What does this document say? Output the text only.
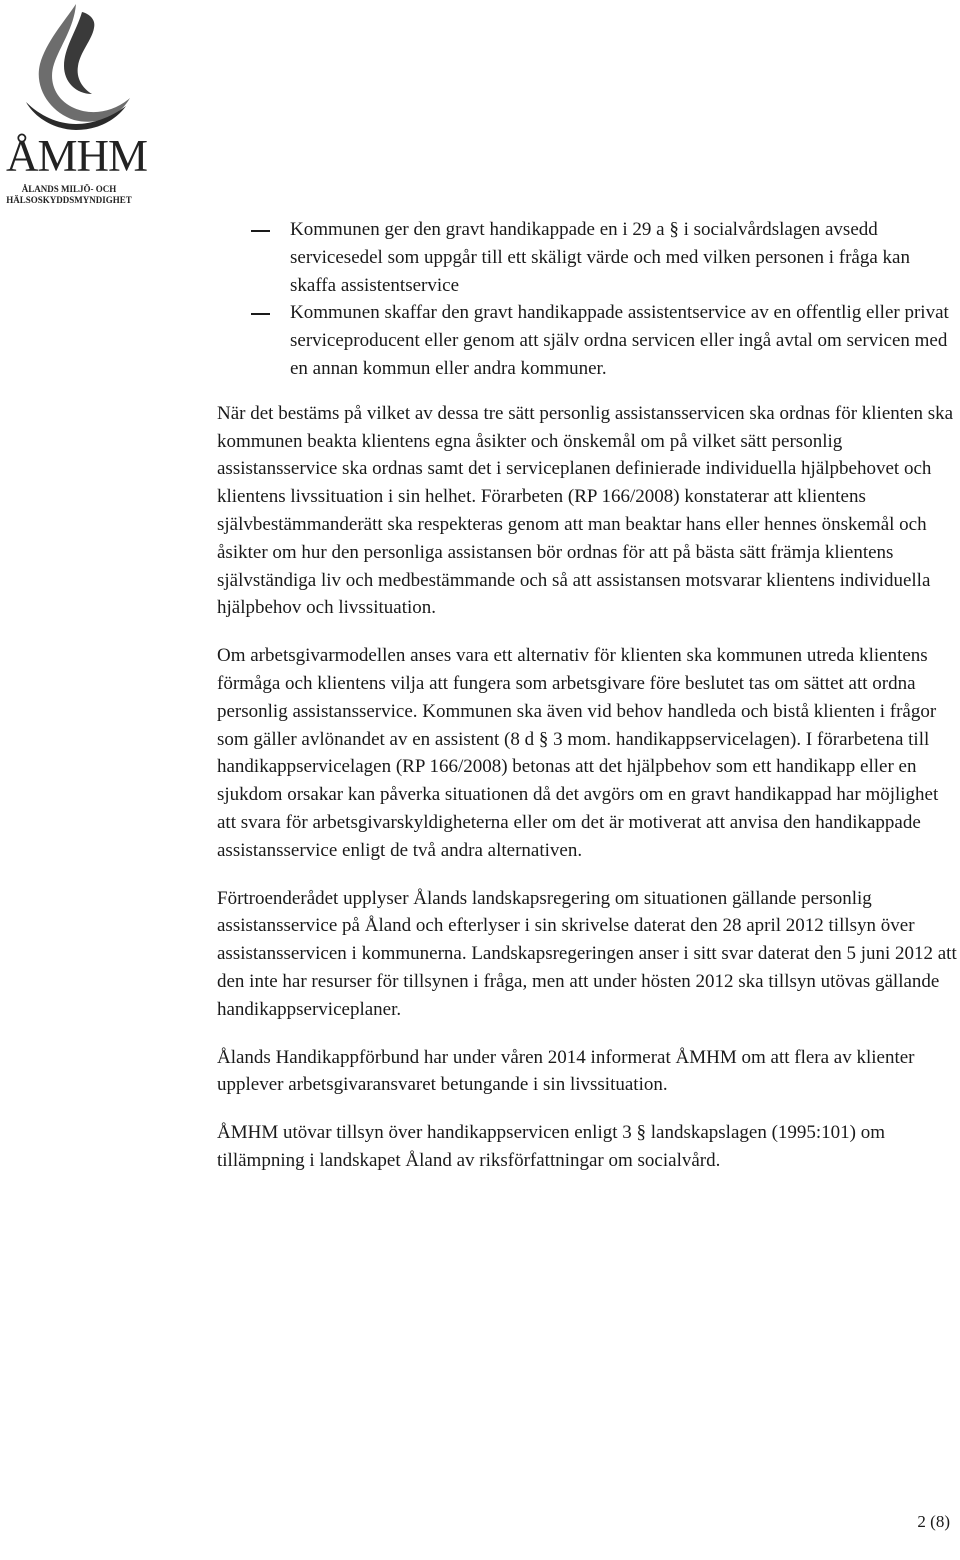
ÅMHM
ÅLANDS MILJÖ- OCH
HÄLSOSKYDDSMYNDIGHET
Kommunen ger den gravt handikappade en i 29 a § i socialvårdslagen avsedd servicesedel som uppgår till ett skäligt värde och med vilken personen i fråga kan skaffa assistentservice
Kommunen skaffar den gravt handikappade assistentservice av en offentlig eller privat serviceproducent eller genom att själv ordna servicen eller ingå avtal om servicen med en annan kommun eller andra kommuner.

När det bestäms på vilket av dessa tre sätt personlig assistansservicen ska ordnas för klienten ska kommunen beakta klientens egna åsikter och önskemål om på vilket sätt personlig assistansservice ska ordnas samt det i serviceplanen definierade individuella hjälpbehovet och klientens livssituation i sin helhet. Förarbeten (RP 166/2008) konstaterar att klientens självbestämmanderätt ska respekteras genom att man beaktar hans eller hennes önskemål och åsikter om hur den personliga assistansen bör ordnas för att på bästa sätt främja klientens självständiga liv och medbestämmande och så att assistansen motsvarar klientens individuella hjälpbehov och livssituation.

Om arbetsgivarmodellen anses vara ett alternativ för klienten ska kommunen utreda klientens förmåga och klientens vilja att fungera som arbetsgivare före beslutet tas om sättet att ordna personlig assistansservice. Kommunen ska även vid behov handleda och bistå klienten i frågor som gäller avlönandet av en assistent (8 d § 3 mom. handikappservicelagen). I förarbetena till handikappservicelagen (RP 166/2008) betonas att det hjälpbehov som ett handikapp eller en sjukdom orsakar kan påverka situationen då det avgörs om en gravt handikappad har möjlighet att svara för arbetsgivarskyldigheterna eller om det är motiverat att anvisa den handikappade assistansservice enligt de två andra alternativen.

Förtroenderådet upplyser Ålands landskapsregering om situationen gällande personlig assistansservice på Åland och efterlyser i sin skrivelse daterat den 28 april 2012 tillsyn över assistansservicen i kommunerna. Landskapsregeringen anser i sitt svar daterat den 5 juni 2012 att den inte har resurser för tillsynen i fråga, men att under hösten 2012 ska tillsyn utövas gällande handikappserviceplaner.

Ålands Handikappförbund har under våren 2014 informerat ÅMHM om att flera av klienter upplever arbetsgivaransvaret betungande i sin livssituation.

ÅMHM utövar tillsyn över handikappservicen enligt 3 § landskapslagen (1995:101) om tillämpning i landskapet Åland av riksförfattningar om socialvård.

2 (8)
